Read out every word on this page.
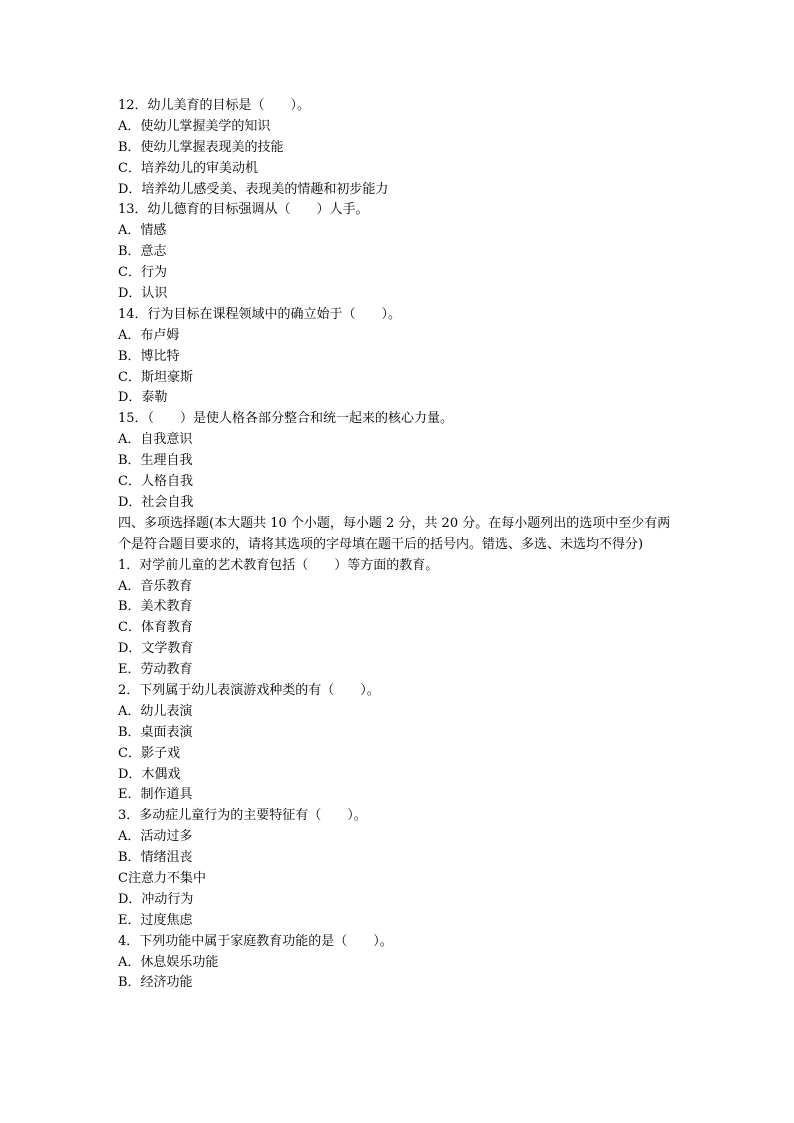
12．幼儿美育的目标是（　　）。
A．使幼儿掌握美学的知识
B．使幼儿掌握表现美的技能
C．培养幼儿的审美动机
D．培养幼儿感受美、表现美的情趣和初步能力
13．幼儿德育的目标强调从（　　）人手。
A．情感
B．意志
C．行为
D．认识
14．行为目标在课程领域中的确立始于（　　）。
A．布卢姆
B．博比特
C．斯坦豪斯
D．泰勒
15．（　　）是使人格各部分整合和统一起来的核心力量。
A．自我意识
B．生理自我
C．人格自我
D．社会自我
四、多项选择题(本大题共 10 个小题，每小题 2 分，共 20 分。在每小题列出的选项中至少有两个是符合题目要求的，请将其选项的字母填在题干后的括号内。错选、多选、未选均不得分)
1．对学前儿童的艺术教育包括（　　）等方面的教育。
A．音乐教育
B．美术教育
C．体育教育
D．文学教育
E．劳动教育
2．下列属于幼儿表演游戏种类的有（　　）。
A．幼儿表演
B．桌面表演
C．影子戏
D．木偶戏
E．制作道具
3．多动症儿童行为的主要特征有（　　）。
A．活动过多
B．情绪沮丧
C注意力不集中
D．冲动行为
E．过度焦虑
4．下列功能中属于家庭教育功能的是（　　）。
A．休息娱乐功能
B．经济功能
